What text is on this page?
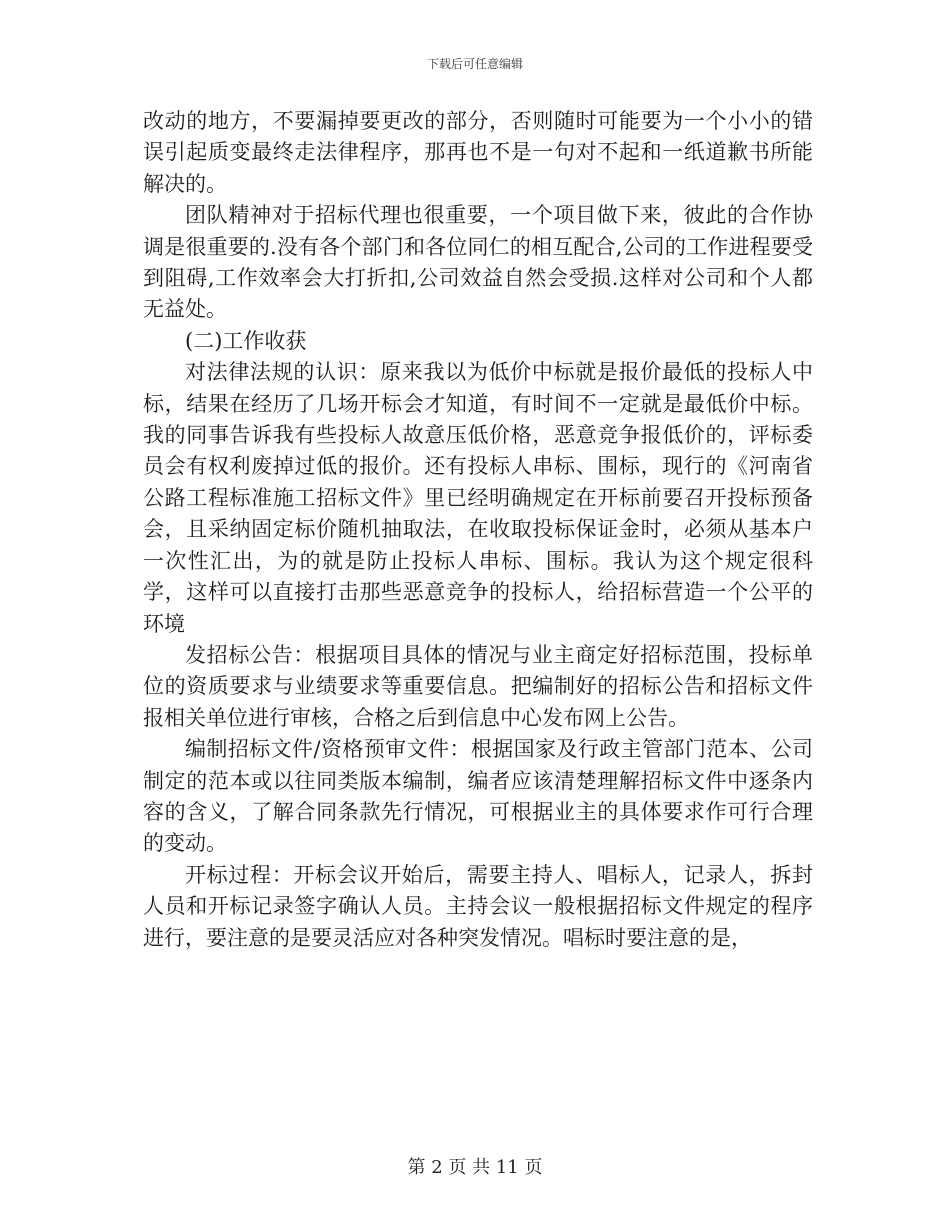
下载后可任意编辑

改动的地方，不要漏掉要更改的部分，否则随时可能要为一个小小的错误引起质变最终走法律程序，那再也不是一句对不起和一纸道歉书所能解决的。

团队精神对于招标代理也很重要，一个项目做下来，彼此的合作协调是很重要的.没有各个部门和各位同仁的相互配合,公司的工作进程要受到阻碍,工作效率会大打折扣,公司效益自然会受损.这样对公司和个人都无益处。

(二)工作收获

对法律法规的认识：原来我以为低价中标就是报价最低的投标人中标，结果在经历了几场开标会才知道，有时间不一定就是最低价中标。我的同事告诉我有些投标人故意压低价格，恶意竞争报低价的，评标委员会有权利废掉过低的报价。还有投标人串标、围标，现行的《河南省公路工程标准施工招标文件》里已经明确规定在开标前要召开投标预备会，且采纳固定标价随机抽取法，在收取投标保证金时，必须从基本户一次性汇出，为的就是防止投标人串标、围标。我认为这个规定很科学，这样可以直接打击那些恶意竞争的投标人，给招标营造一个公平的环境

发招标公告：根据项目具体的情况与业主商定好招标范围，投标单位的资质要求与业绩要求等重要信息。把编制好的招标公告和招标文件报相关单位进行审核，合格之后到信息中心发布网上公告。

编制招标文件/资格预审文件：根据国家及行政主管部门范本、公司制定的范本或以往同类版本编制，编者应该清楚理解招标文件中逐条内容的含义，了解合同条款先行情况，可根据业主的具体要求作可行合理的变动。

开标过程：开标会议开始后，需要主持人、唱标人，记录人，拆封人员和开标记录签字确认人员。主持会议一般根据招标文件规定的程序进行，要注意的是要灵活应对各种突发情况。唱标时要注意的是，

第 2 页 共 11 页
